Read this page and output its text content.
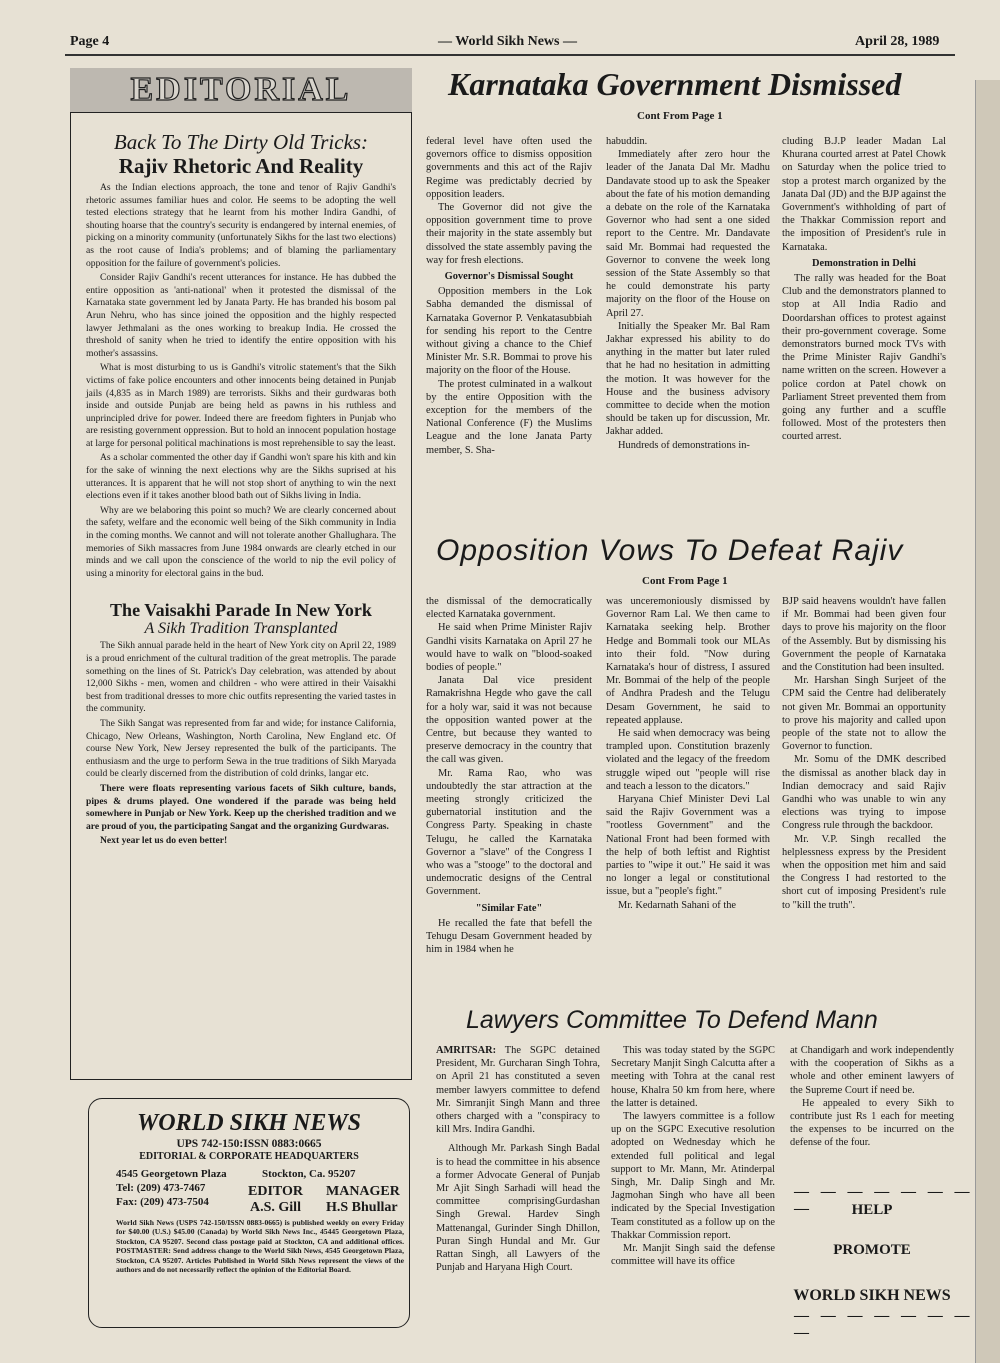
Page 4	— World Sikh News —	April 28, 1989
EDITORIAL
Back To The Dirty Old Tricks:
Rajiv Rhetoric And Reality

As the Indian elections approach, the tone and tenor of Rajiv Gandhi's rhetoric assumes familiar hues and color. He seems to be adopting the well tested elections strategy that he learnt from his mother Indira Gandhi, of shouting hoarse that the country's security is endangered by internal enemies, of picking on a minority community (unfortunately Sikhs for the last two elections) as the root cause of India's problems; and of blaming the parliamentary opposition for the failure of government's policies.

Consider Rajiv Gandhi's recent utterances for instance. He has dubbed the entire opposition as 'anti-national' when it protested the dismissal of the Karnataka state government led by Janata Party. He has branded his bosom pal Arun Nehru, who has since joined the opposition and the highly respected lawyer Jethmalani as the ones working to breakup India. He crossed the threshold of sanity when he tried to identify the entire opposition with his mother's assassins.

What is most disturbing to us is Gandhi's vitrolic statement's that the Sikh victims of fake police encounters and other innocents being detained in Punjab jails (4,835 as in March 1989) are terrorists. Sikhs and their gurdwaras both inside and outside Punjab are being held as pawns in his ruthless and unprincipled drive for power. Indeed there are freedom fighters in Punjab who are resisting government oppression. But to hold an innocent population hostage at large for personal political machinations is most reprehensible to say the least.

As a scholar commented the other day if Gandhi won't spare his kith and kin for the sake of winning the next elections why are the Sikhs suprised at his utterances. It is apparent that he will not stop short of anything to win the next elections even if it takes another blood bath out of Sikhs living in India.

Why are we belaboring this point so much? We are clearly concerned about the safety, welfare and the economic well being of the Sikh community in India in the coming months. We cannot and will not tolerate another Ghallughara. The memories of Sikh massacres from June 1984 onwards are clearly etched in our minds and we call upon the conscience of the world to nip the evil policy of using a minority for electoral gains in the bud.

The Vaisakhi Parade In New York
A Sikh Tradition Transplanted

The Sikh annual parade held in the heart of New York city on April 22, 1989 is a proud enrichment of the cultural tradition of the great metroplis. The parade something on the lines of St. Patrick's Day celebration, was attended by about 12,000 Sikhs - men, women and children - who were attired in their Vaisakhi best from traditional dresses to more chic outfits representing the varied tastes in the community.

The Sikh Sangat was represented from far and wide; for instance California, Chicago, New Orleans, Washington, North Carolina, New England etc. Of course New York, New Jersey represented the bulk of the participants. The enthusiasm and the urge to perform Sewa in the true traditions of Sikh Maryada could be clearly discerned from the distribution of cold drinks, langar etc.

There were floats representing various facets of Sikh culture, bands, pipes & drums played. One wondered if the parade was being held somewhere in Punjab or New York. Keep up the cherished tradition and we are proud of you, the participating Sangat and the organizing Gurdwaras.

Next year let us do even better!

WORLD SIKH NEWS
UPS 742-150:ISSN 0883:0665
EDITORIAL & CORPORATE HEADQUARTERS
4545 Georgetown Plaza	Stockton, Ca. 95207
Tel: (209) 473-7467
Fax: (209) 473-7504
EDITOR
A.S. Gill
MANAGER
H.S Bhullar
World Sikh News (USPS 742-150/ISSN 0883-0665) is published weekly on every Friday for $40.00 (U.S.) $45.00 (Canada) by World Sikh News Inc., 45445 Georgetown Plaza, Stockton, CA 95207. Second class postage paid at Stockton, CA and additional offices. POSTMASTER: Send address change to the World Sikh News, 4545 Georgetown Plaza, Stockton, CA 95207. Articles Published in World Sikh News represent the views of the authors and do not necessarily reflect the opinion of the Editorial Board.
Karnataka Government Dismissed
Cont From Page 1

federal level have often used the governors office to dismiss opposition governments and this act of the Rajiv Regime was predictably decried by opposition leaders.

The Governor did not give the opposition government time to prove their majority in the state assembly but dissolved the state assembly paving the way for fresh elections.

Governor's Dismissal Sought

Opposition members in the Lok Sabha demanded the dismissal of Karnataka Governor P. Venkatasubbiah for sending his report to the Centre without giving a chance to the Chief Minister Mr. S.R. Bommai to prove his majority on the floor of the House.

The protest culminated in a walkout by the entire Opposition with the exception for the members of the National Conference (F) the Muslims League and the lone Janata Party member, S. Sha-

habuddin.

Immediately after zero hour the leader of the Janata Dal Mr. Madhu Dandavate stood up to ask the Speaker about the fate of his motion demanding a debate on the role of the Karnataka Governor who had sent a one sided report to the Centre. Mr. Dandavate said Mr. Bommai had requested the Governor to convene the week long session of the State Assembly so that he could demonstrate his party majority on the floor of the House on April 27.

Initially the Speaker Mr. Bal Ram Jakhar expressed his ability to do anything in the matter but later ruled that he had no hesitation in admitting the motion. It was however for the House and the business advisory committee to decide when the motion should be taken up for discussion, Mr. Jakhar added.

Hundreds of demonstrations in-

cluding B.J.P leader Madan Lal Khurana courted arrest at Patel Chowk on Saturday when the police tried to stop a protest march organized by the Janata Dal (JD) and the BJP against the Government's withholding of part of the Thakkar Commission report and the imposition of President's rule in Karnataka.

Demonstration in Delhi

The rally was headed for the Boat Club and the demonstrators planned to stop at All India Radio and Doordarshan offices to protest against their pro-government coverage. Some demonstrators burned mock TVs with the Prime Minister Rajiv Gandhi's name written on the screen. However a police cordon at Patel chowk on Parliament Street prevented them from going any further and a scuffle followed. Most of the protesters then courted arrest.

Opposition Vows To Defeat Rajiv
Cont From Page 1

the dismissal of the democratically elected Karnataka government.

He said when Prime Minister Rajiv Gandhi visits Karnataka on April 27 he would have to walk on "blood-soaked bodies of people."

Janata Dal vice president Ramakrishna Hegde who gave the call for a holy war, said it was not because the opposition wanted power at the Centre, but because they wanted to preserve democracy in the country that the call was given.

Mr. Rama Rao, who was undoubtedly the star attraction at the meeting strongly criticized the gubernatorial institution and the Congress Party. Speaking in chaste Telugu, he called the Karnataka Governor a "slave" of the Congress I who was a "stooge" to the doctoral and undemocratic designs of the Central Government.

"Similar Fate"

He recalled the fate that befell the Tehugu Desam Government headed by him in 1984 when he

was unceremoniously dismissed by Governor Ram Lal. We then came to Karnataka seeking help. Brother Hedge and Bommali took our MLAs into their fold. "Now during Karnataka's hour of distress, I assured Mr. Bommai of the help of the people of Andhra Pradesh and the Telugu Desam Government, he said to repeated applause.

He said when democracy was being trampled upon. Constitution brazenly violated and the legacy of the freedom struggle wiped out "people will rise and teach a lesson to the dicators."

Haryana Chief Minister Devi Lal said the Rajiv Government was a "rootless Government" and the National Front had been formed with the help of both leftist and Rightist parties to "wipe it out." He said it was no longer a legal or constitutional issue, but a "people's fight."

Mr. Kedarnath Sahani of the

BJP said heavens wouldn't have fallen if Mr. Bommai had been given four days to prove his majority on the floor of the Assembly. But by dismissing his Government the people of Karnataka and the Constitution had been insulted.

Mr. Harshan Singh Surjeet of the CPM said the Centre had deliberately not given Mr. Bommai an opportunity to prove his majority and called upon people of the state not to allow the Governor to function.

Mr. Somu of the DMK described the dismissal as another black day in Indian democracy and said Rajiv Gandhi who was unable to win any elections was trying to impose Congress rule through the backdoor.

Mr. V.P. Singh recalled the helplessness express by the President when the opposition met him and said the Congress I had restorted to the short cut of imposing President's rule to "kill the truth".

Lawyers Committee To Defend Mann

AMRITSAR: The SGPC detained President, Mr. Gurcharan Singh Tohra, on April 21 has constituted a seven member lawyers committee to defend Mr. Simranjit Singh Mann and three others charged with a "conspiracy to kill Mrs. Indira Gandhi.

Although Mr. Parkash Singh Badal is to head the committee in his absence a former Advocate General of Punjab Mr Ajit Singh Sarhadi will head the committee comprisingGurdashan Singh Grewal. Hardev Singh Mattenangal, Gurinder Singh Dhillon, Puran Singh Hundal and Mr. Gur Rattan Singh, all Lawyers of the Punjab and Haryana High Court.

This was today stated by the SGPC Secretary Manjit Singh Calcutta after a meeting with Tohra at the canal rest house, Khalra 50 km from here, where the latter is detained.

The lawyers committee is a follow up on the SGPC Executive resolution adopted on Wednesday which he extended full political and legal support to Mr. Mann, Mr. Atinderpal Singh, Mr. Dalip Singh and Mr. Jagmohan Singh who have all been indicated by the Special Investigation Team constituted as a follow up on the Thakkar Commission report.

Mr. Manjit Singh said the defense committee will have its office

at Chandigarh and work independently with the cooperation of Sikhs as a whole and other eminent lawyers of the Supreme Court if need be.

He appealed to every Sikh to contribute just Rs 1 each for meeting the expenses to be incurred on the defense of the four.

— — — — — — — —	HELP
PROMOTE
WORLD SIKH NEWS
— — — — — — — —
